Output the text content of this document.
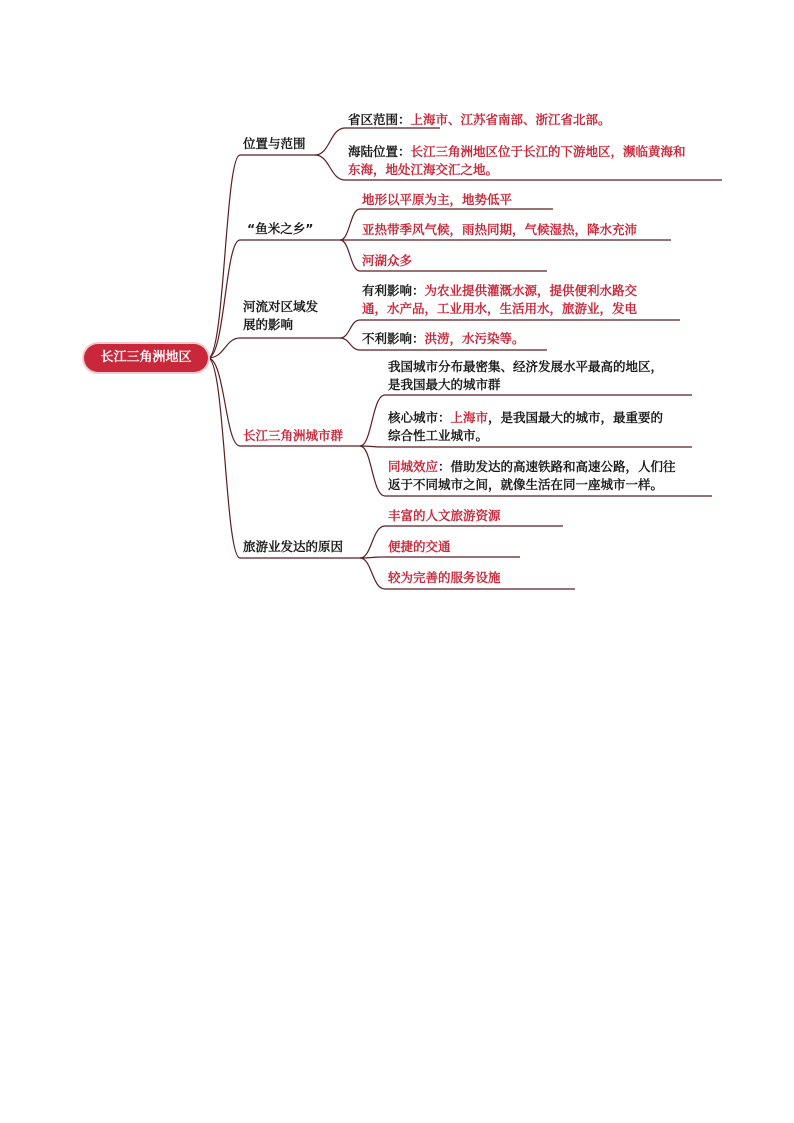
长江三角洲地区
位置与范围
省区范围：上海市、江苏省南部、浙江省北部。
海陆位置：长江三角洲地区位于长江的下游地区，濒临黄海和
东海，地处江海交汇之地。
“鱼米之乡”
地形以平原为主，地势低平
亚热带季风气候，雨热同期，气候湿热，降水充沛
河湖众多
河流对区域发
展的影响
有利影响：为农业提供灌溉水源，提供便利水路交
通，水产品，工业用水，生活用水，旅游业，发电
不利影响：洪涝，水污染等。
长江三角洲城市群
我国城市分布最密集、经济发展水平最高的地区，
是我国最大的城市群
核心城市：上海市，是我国最大的城市，最重要的
综合性工业城市。
同城效应：借助发达的高速铁路和高速公路，人们往
返于不同城市之间，就像生活在同一座城市一样。
旅游业发达的原因
丰富的人文旅游资源
便捷的交通
较为完善的服务设施
